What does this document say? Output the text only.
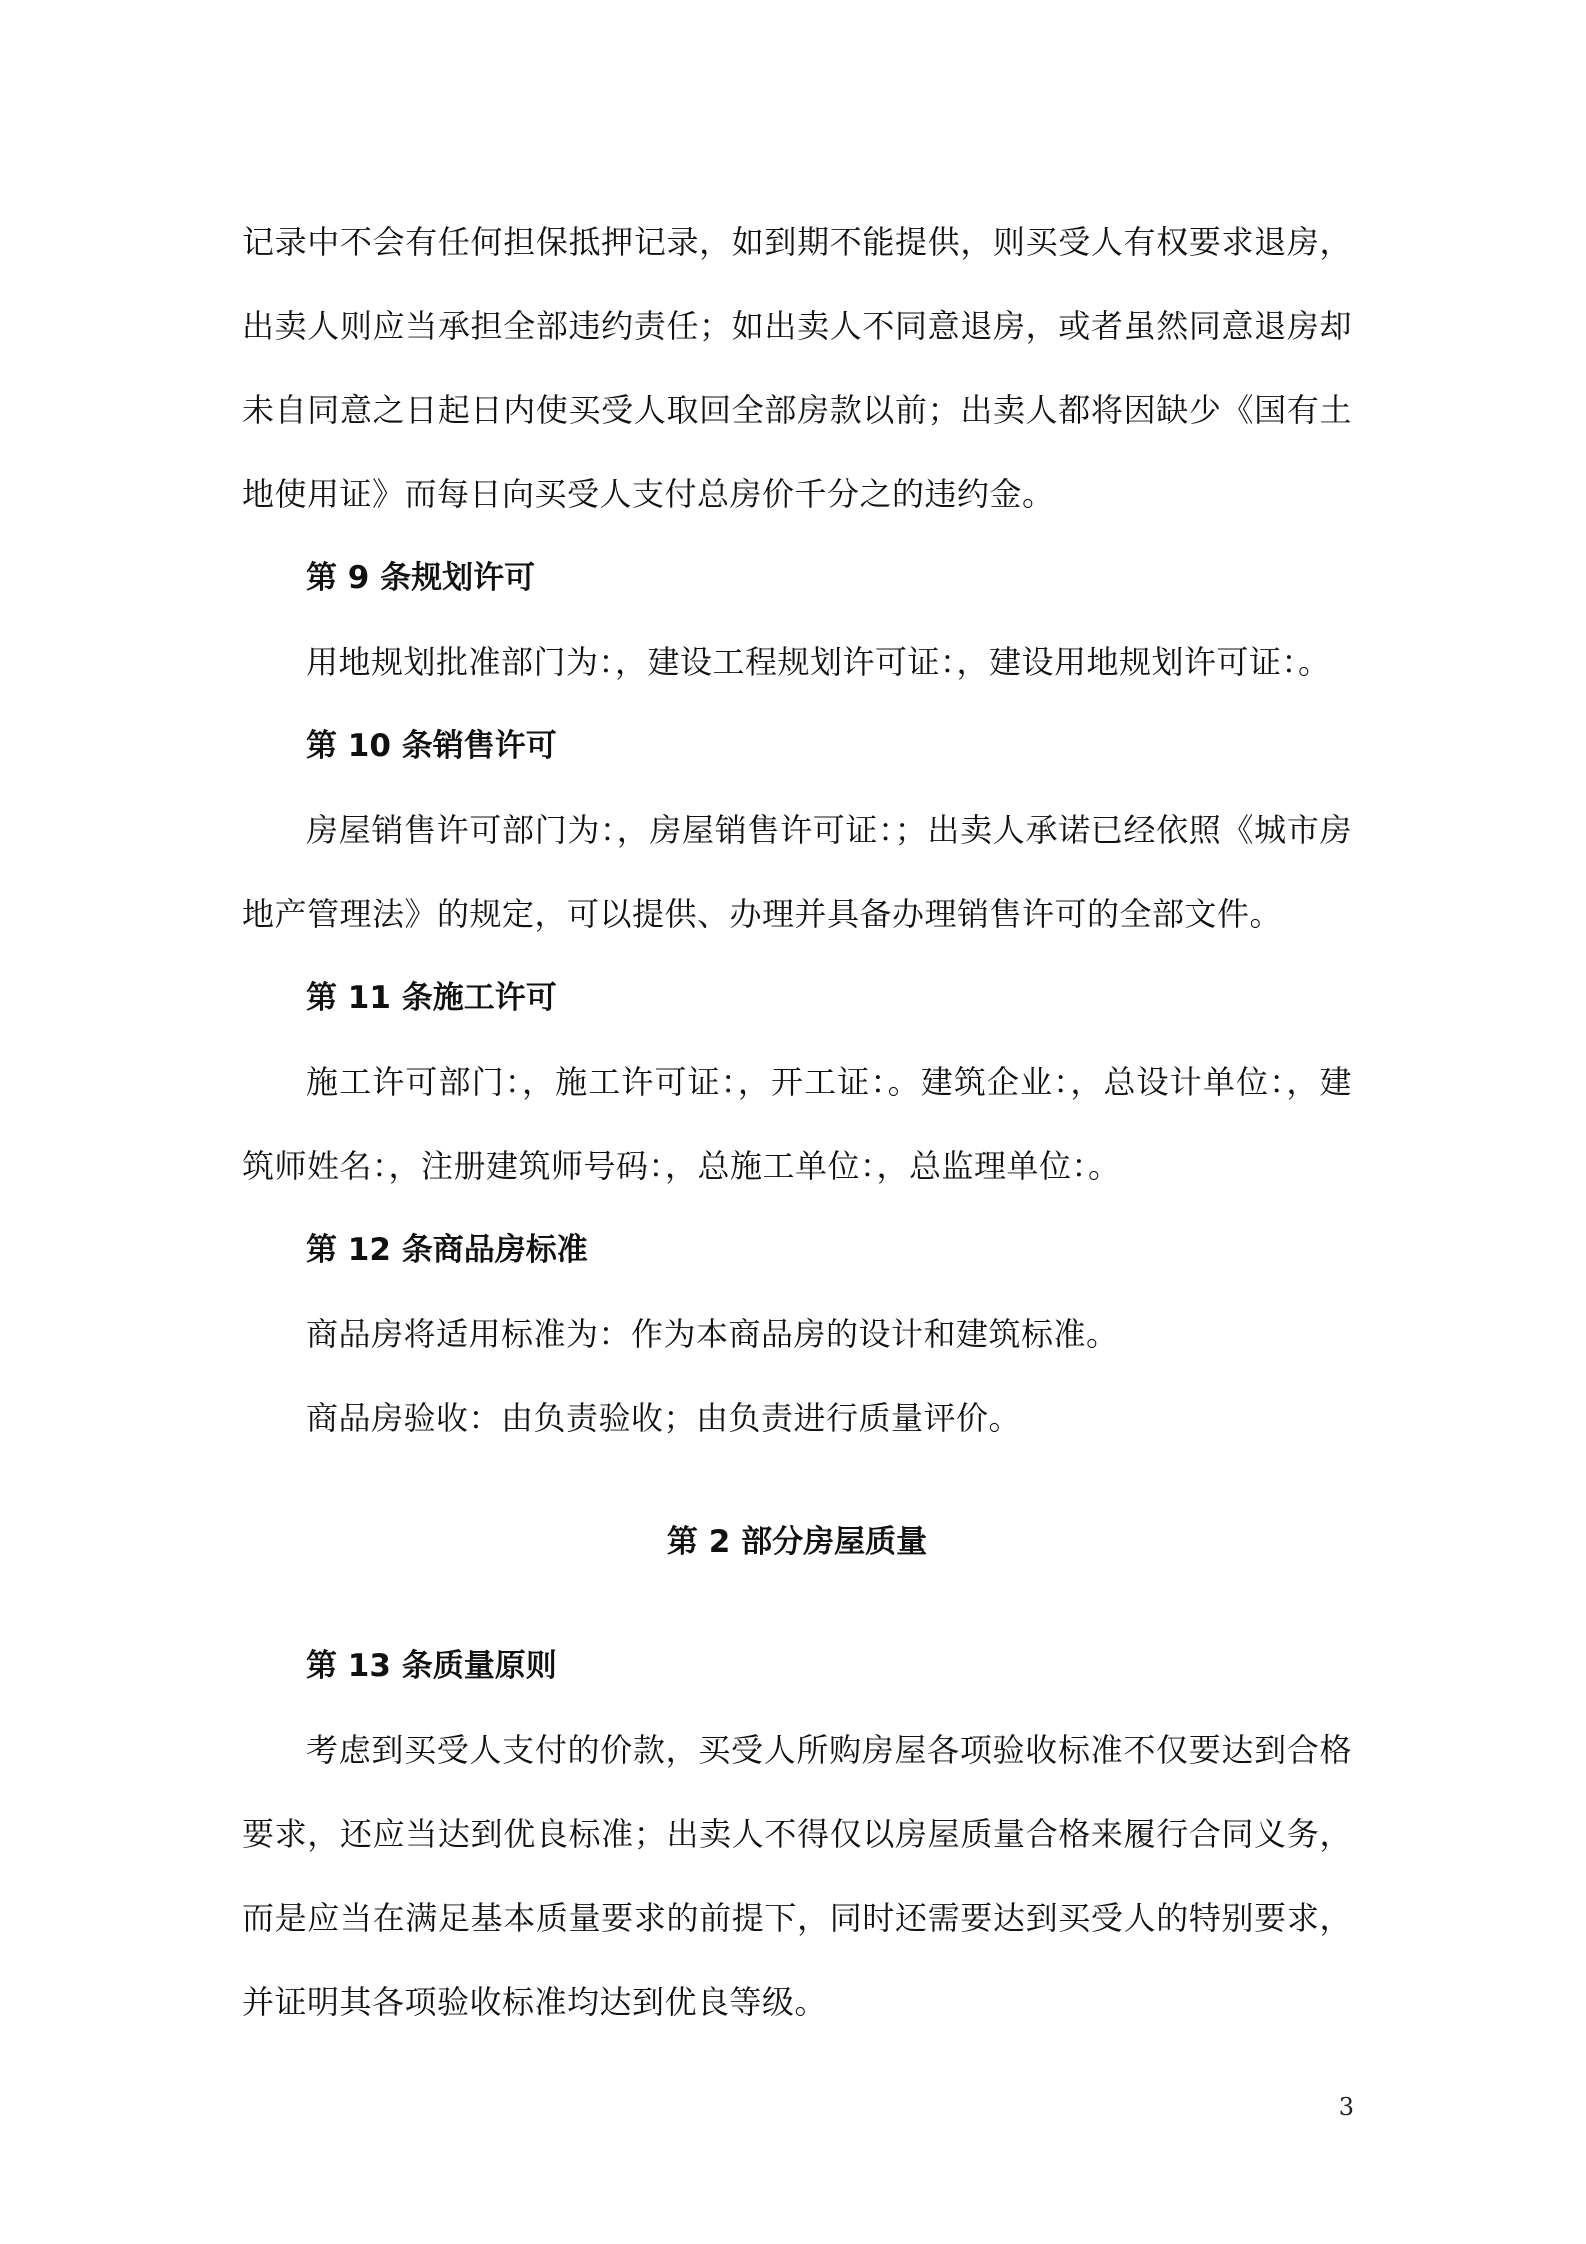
记录中不会有任何担保抵押记录，如到期不能提供，则买受人有权要求退房，出卖人则应当承担全部违约责任；如出卖人不同意退房，或者虽然同意退房却未自同意之日起日内使买受人取回全部房款以前；出卖人都将因缺少《国有土地使用证》而每日向买受人支付总房价千分之的违约金。

第 9 条规划许可

用地规划批准部门为：，建设工程规划许可证：，建设用地规划许可证：。

第 10 条销售许可

房屋销售许可部门为：，房屋销售许可证：；出卖人承诺已经依照《城市房地产管理法》的规定，可以提供、办理并具备办理销售许可的全部文件。

第 11 条施工许可

施工许可部门：，施工许可证：，开工证：。建筑企业：，总设计单位：，建筑师姓名：，注册建筑师号码：，总施工单位：，总监理单位：。

第 12 条商品房标准

商品房将适用标准为：作为本商品房的设计和建筑标准。

商品房验收：由负责验收；由负责进行质量评价。

第 2 部分房屋质量

第 13 条质量原则

考虑到买受人支付的价款，买受人所购房屋各项验收标准不仅要达到合格要求，还应当达到优良标准；出卖人不得仅以房屋质量合格来履行合同义务，而是应当在满足基本质量要求的前提下，同时还需要达到买受人的特别要求，并证明其各项验收标准均达到优良等级。

3
